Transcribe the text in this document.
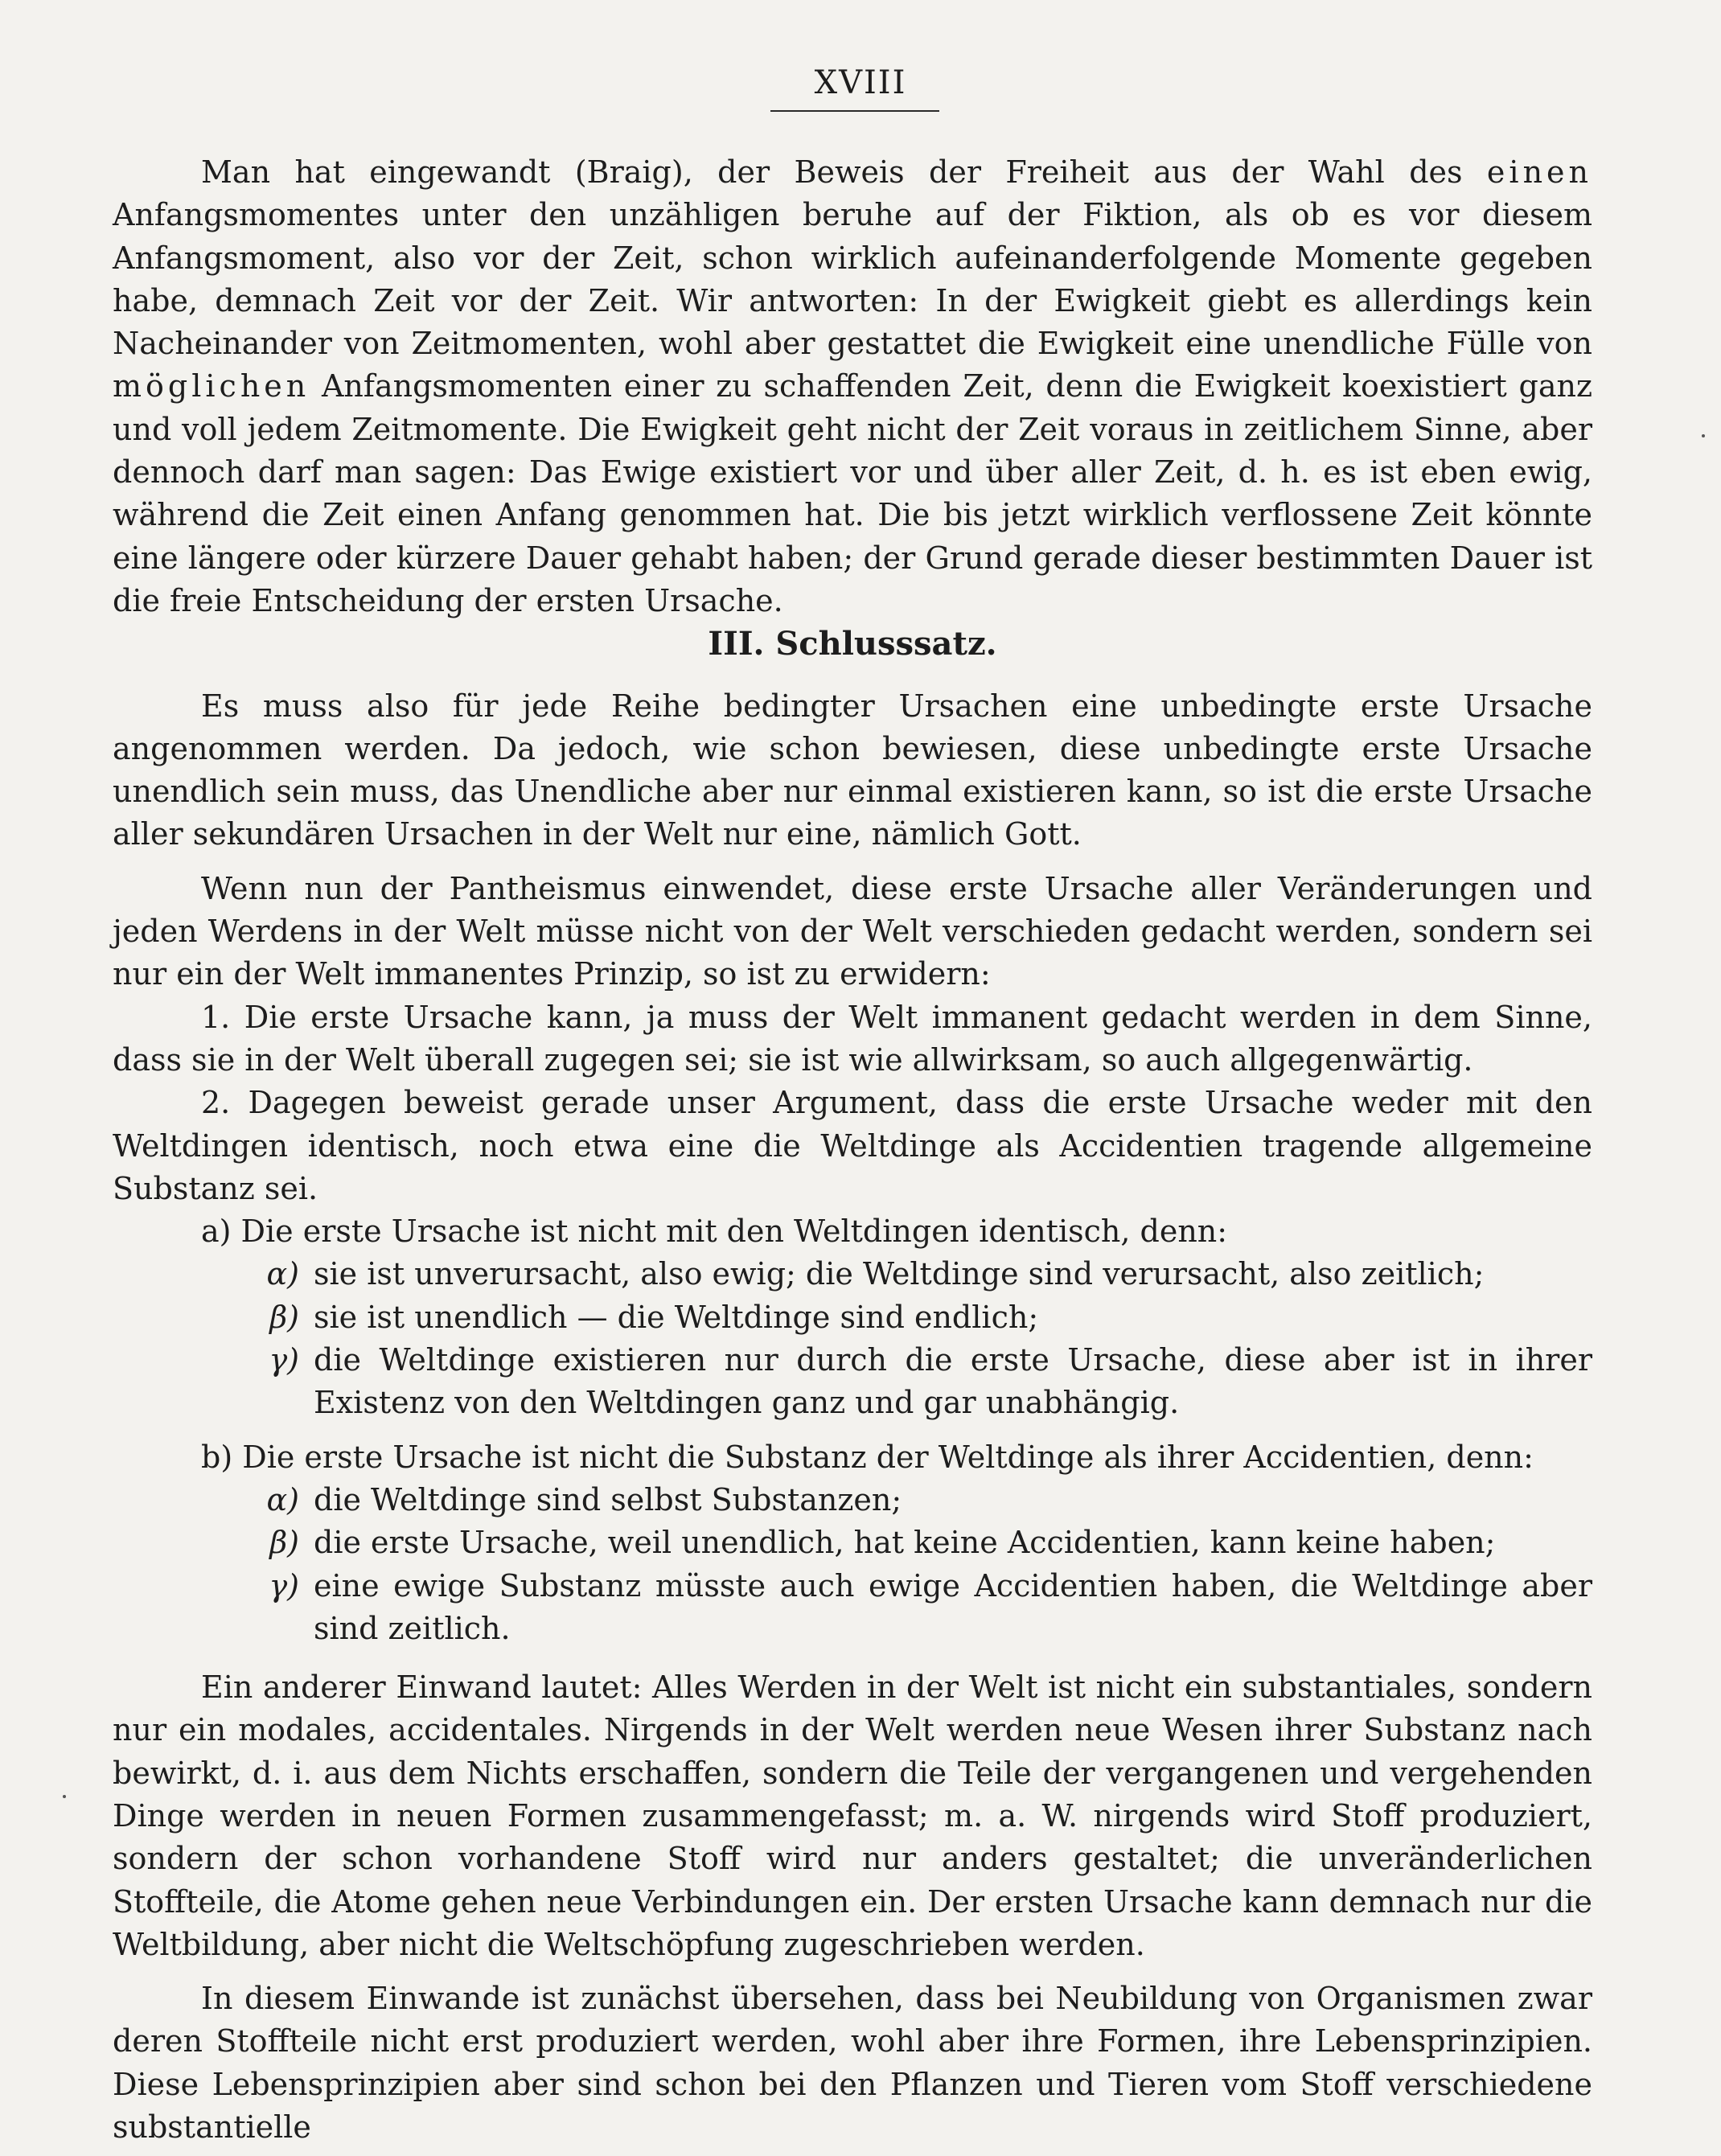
XVIII

Man hat eingewandt (Braig), der Beweis der Freiheit aus der Wahl des einen Anfangsmomentes unter den unzähligen beruhe auf der Fiktion, als ob es vor diesem Anfangsmoment, also vor der Zeit, schon wirklich aufeinanderfolgende Momente gegeben habe, demnach Zeit vor der Zeit. Wir antworten: In der Ewigkeit giebt es allerdings kein Nacheinander von Zeitmomenten, wohl aber gestattet die Ewigkeit eine unendliche Fülle von möglichen Anfangsmomenten einer zu schaffenden Zeit, denn die Ewigkeit koexistiert ganz und voll jedem Zeitmomente. Die Ewigkeit geht nicht der Zeit voraus in zeitlichem Sinne, aber dennoch darf man sagen: Das Ewige existiert vor und über aller Zeit, d. h. es ist eben ewig, während die Zeit einen Anfang genommen hat. Die bis jetzt wirklich verflossene Zeit könnte eine längere oder kürzere Dauer gehabt haben; der Grund gerade dieser bestimmten Dauer ist die freie Entscheidung der ersten Ursache.

III. Schlusssatz.

Es muss also für jede Reihe bedingter Ursachen eine unbedingte erste Ursache angenommen werden. Da jedoch, wie schon bewiesen, diese unbedingte erste Ursache unendlich sein muss, das Unendliche aber nur einmal existieren kann, so ist die erste Ursache aller sekundären Ursachen in der Welt nur eine, nämlich Gott.

Wenn nun der Pantheismus einwendet, diese erste Ursache aller Veränderungen und jeden Werdens in der Welt müsse nicht von der Welt verschieden gedacht werden, sondern sei nur ein der Welt immanentes Prinzip, so ist zu erwidern:

1. Die erste Ursache kann, ja muss der Welt immanent gedacht werden in dem Sinne, dass sie in der Welt überall zugegen sei; sie ist wie allwirksam, so auch allgegenwärtig.

2. Dagegen beweist gerade unser Argument, dass die erste Ursache weder mit den Weltdingen identisch, noch etwa eine die Weltdinge als Accidentien tragende allgemeine Substanz sei.

a) Die erste Ursache ist nicht mit den Weltdingen identisch, denn:

α) sie ist unverursacht, also ewig; die Weltdinge sind verursacht, also zeitlich;
β) sie ist unendlich — die Weltdinge sind endlich;
γ) die Weltdinge existieren nur durch die erste Ursache, diese aber ist in ihrer Existenz von den Weltdingen ganz und gar unabhängig.

b) Die erste Ursache ist nicht die Substanz der Weltdinge als ihrer Accidentien, denn:

α) die Weltdinge sind selbst Substanzen;
β) die erste Ursache, weil unendlich, hat keine Accidentien, kann keine haben;
γ) eine ewige Substanz müsste auch ewige Accidentien haben, die Weltdinge aber sind zeitlich.

Ein anderer Einwand lautet: Alles Werden in der Welt ist nicht ein substantiales, sondern nur ein modales, accidentales. Nirgends in der Welt werden neue Wesen ihrer Substanz nach bewirkt, d. i. aus dem Nichts erschaffen, sondern die Teile der vergangenen und vergehenden Dinge werden in neuen Formen zusammengefasst; m. a. W. nirgends wird Stoff produziert, sondern der schon vorhandene Stoff wird nur anders gestaltet; die unveränderlichen Stoffteile, die Atome gehen neue Verbindungen ein. Der ersten Ursache kann demnach nur die Weltbildung, aber nicht die Weltschöpfung zugeschrieben werden.

In diesem Einwande ist zunächst übersehen, dass bei Neubildung von Organismen zwar deren Stoffteile nicht erst produziert werden, wohl aber ihre Formen, ihre Lebensprinzipien. Diese Lebensprinzipien aber sind schon bei den Pflanzen und Tieren vom Stoff verschiedene substantielle
